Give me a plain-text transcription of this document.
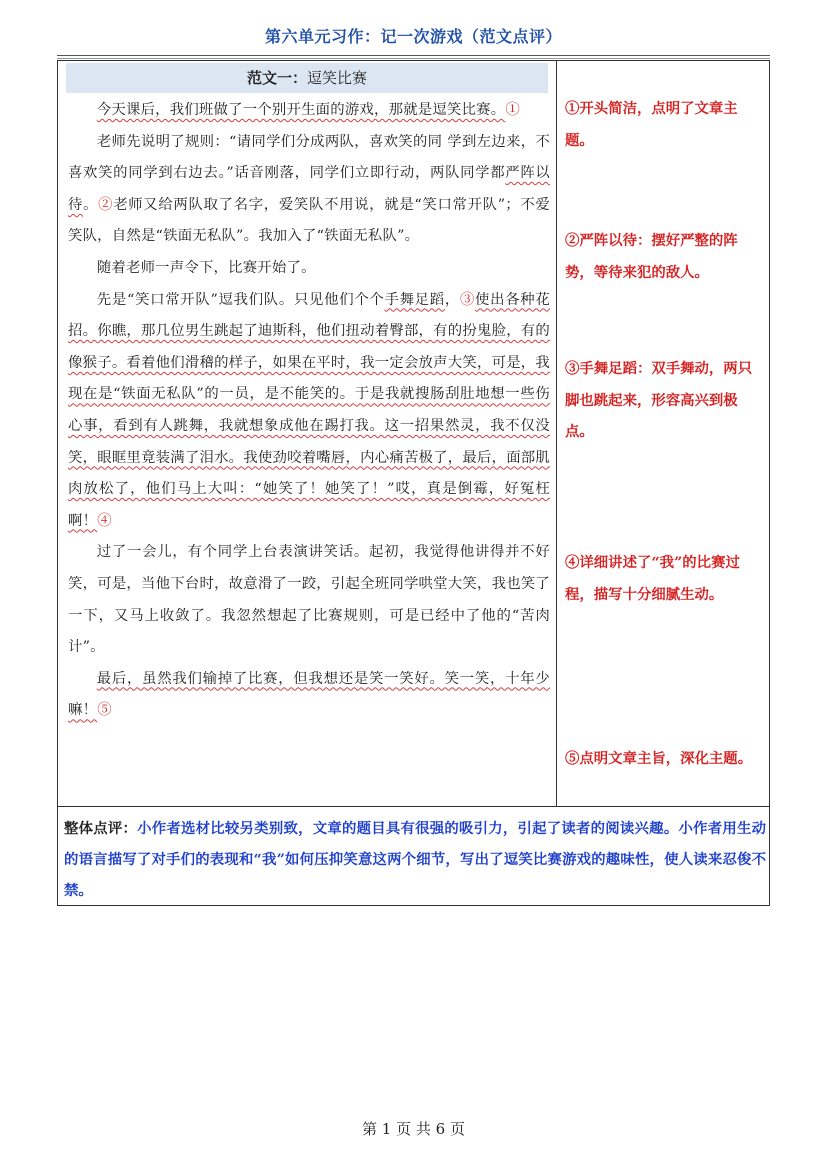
第六单元习作：记一次游戏（范文点评）
范文一：逗笑比赛

今天课后，我们班做了一个别开生面的游戏，那就是逗笑比赛。①

老师先说明了规则：“请同学们分成两队，喜欢笑的同 学到左边来，不喜欢笑的同学到右边去。”话音刚落，同学们立即行动，两队同学都严阵以待。②老师又给两队取了名字，爱笑队不用说，就是“笑口常开队”；不爱笑队，自然是“铁面无私队”。我加入了“铁面无私队”。

随着老师一声令下，比赛开始了。

先是“笑口常开队”逗我们队。只见他们个个手舞足蹈，③使出各种花招。你瞧，那几位男生跳起了迪斯科，他们扭动着臀部，有的扮鬼脸，有的像猴子。看着他们滑稽的样子，如果在平时，我一定会放声大笑，可是，我现在是“铁面无私队”的一员，是不能笑的。于是我就搜肠刮肚地想一些伤心事，看到有人跳舞，我就想象成他在踢打我。这一招果然灵，我不仅没笑，眼眶里竟装满了泪水。我使劲咬着嘴唇，内心痛苦极了，最后，面部肌肉放松了，他们马上大叫：“她笑了！她笑了！”哎，真是倒霉，好冤枉啊！④

过了一会儿，有个同学上台表演讲笑话。起初，我觉得他讲得并不好笑，可是，当他下台时，故意滑了一跤，引起全班同学哄堂大笑，我也笑了一下，又马上收敛了。我忽然想起了比赛规则，可是已经中了他的“苦肉计”。

最后，虽然我们输掉了比赛，但我想还是笑一笑好。笑一笑，十年少嘛！⑤

①开头简洁，点明了文章主题。
②严阵以待：摆好严整的阵势，等待来犯的敌人。
③手舞足蹈：双手舞动，两只脚也跳起来，形容高兴到极点。
④详细讲述了“我”的比赛过程，描写十分细腻生动。
⑤点明文章主旨，深化主题。
整体点评：小作者选材比较另类别致，文章的题目具有很强的吸引力，引起了读者的阅读兴趣。小作者用生动的语言描写了对手们的表现和“我”如何压抑笑意这两个细节，写出了逗笑比赛游戏的趣味性，使人读来忍俊不禁。
第 1 页 共 6 页
